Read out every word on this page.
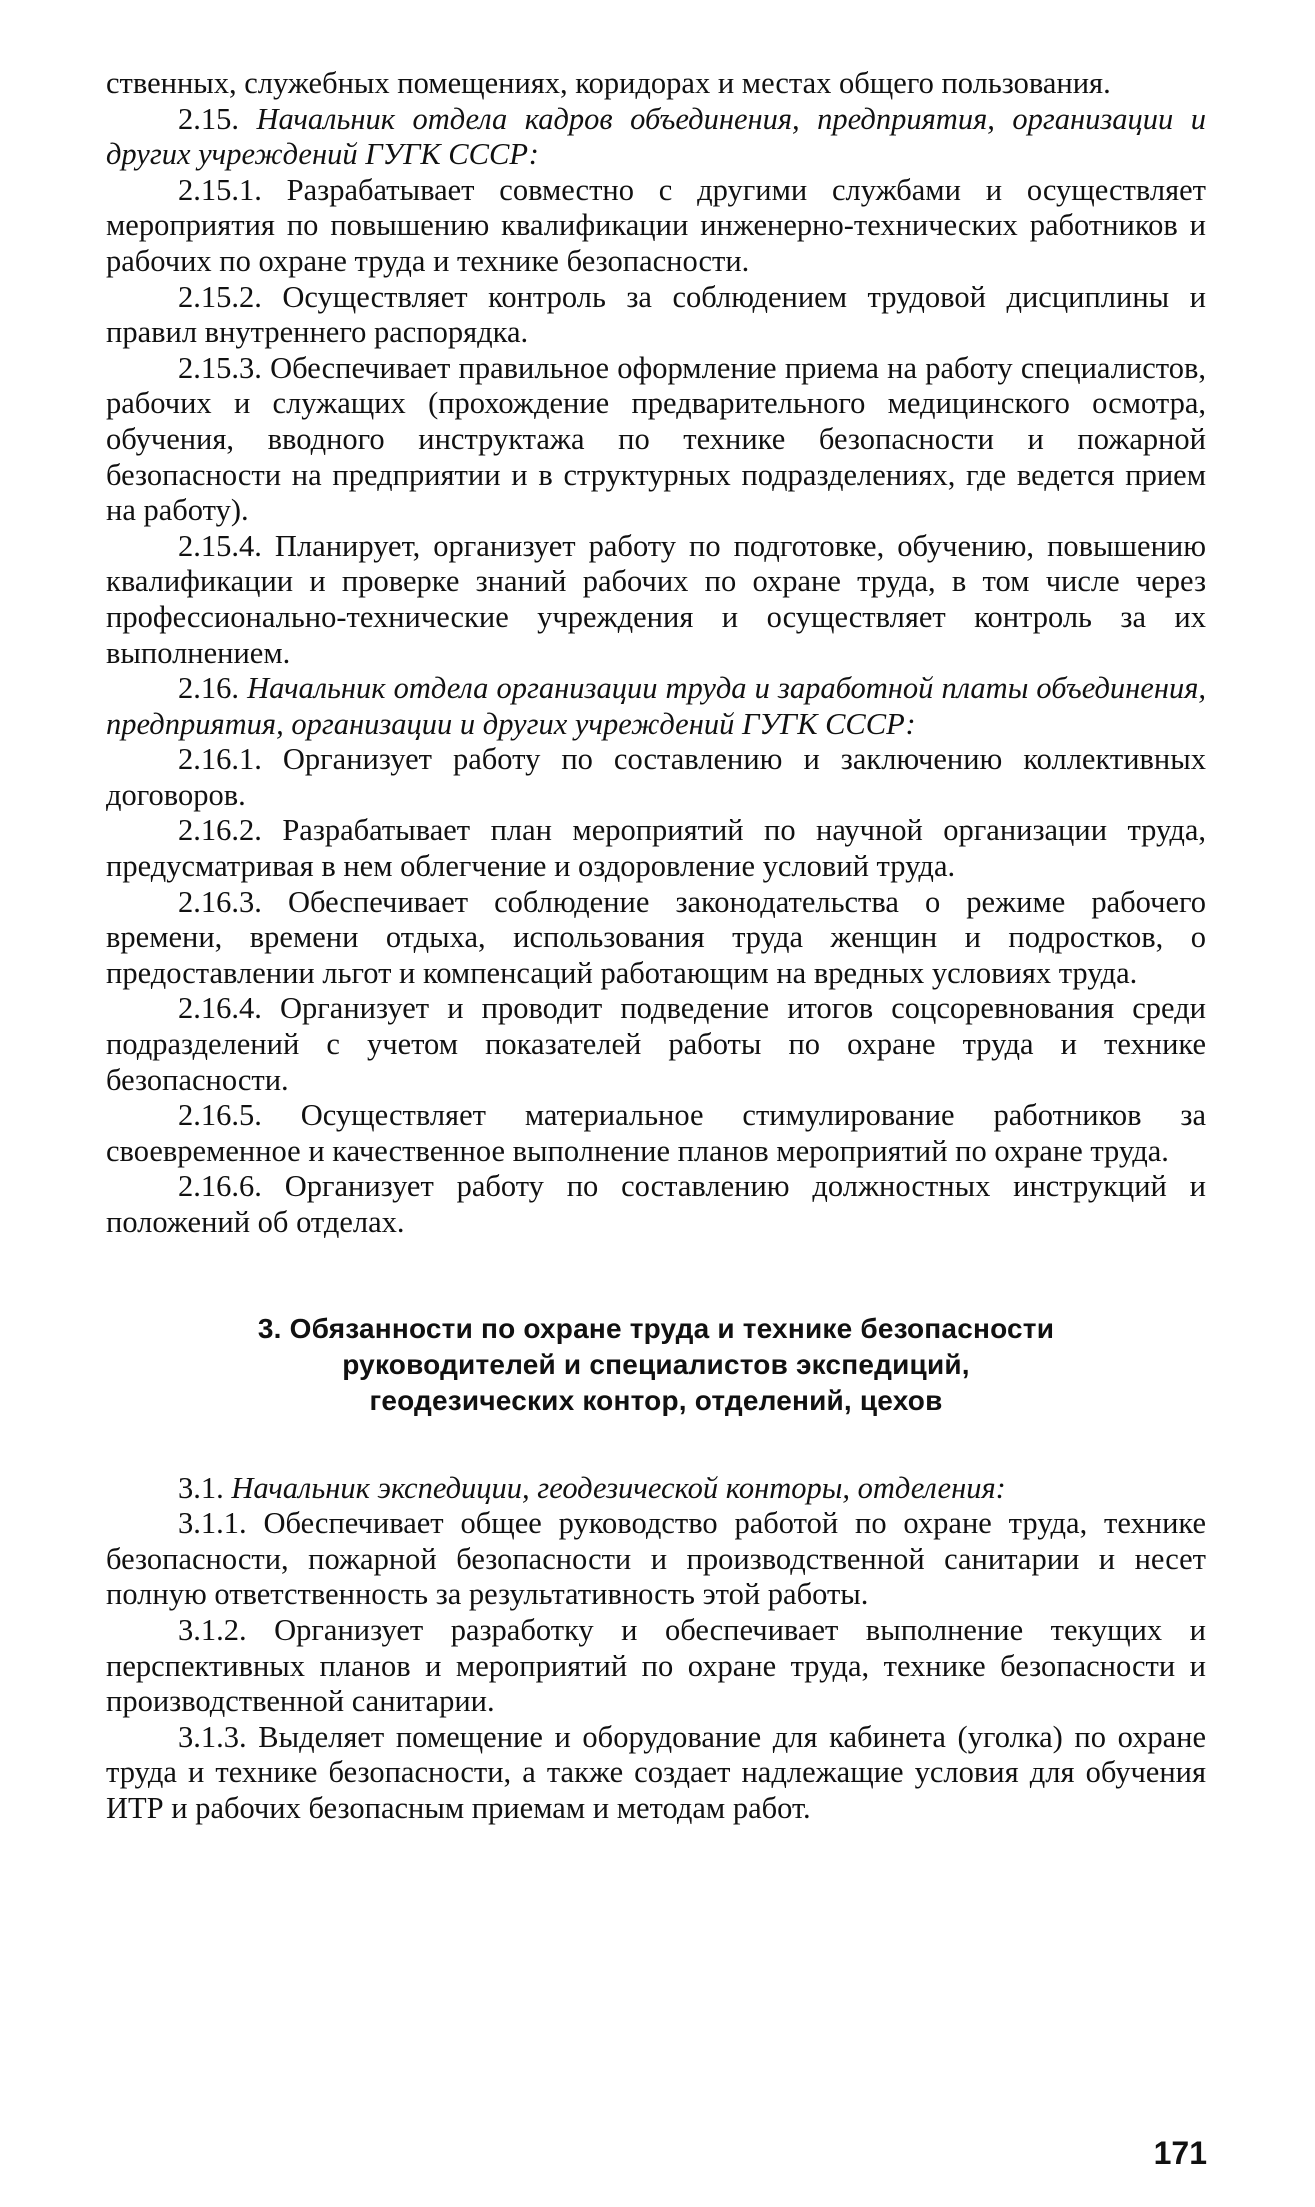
ственных, служебных помещениях, коридорах и местах общего пользования.

2.15. Начальник отдела кадров объединения, предприятия, организации и других учреждений ГУГК СССР:

2.15.1. Разрабатывает совместно с другими службами и осуществляет мероприятия по повышению квалификации инженерно-технических работников и рабочих по охране труда и технике безопасности.

2.15.2. Осуществляет контроль за соблюдением трудовой дисциплины и правил внутреннего распорядка.

2.15.3. Обеспечивает правильное оформление приема на работу специалистов, рабочих и служащих (прохождение предварительного медицинского осмотра, обучения, вводного инструктажа по технике безопасности и пожарной безопасности на предприятии и в структурных подразделениях, где ведется прием на работу).

2.15.4. Планирует, организует работу по подготовке, обучению, повышению квалификации и проверке знаний рабочих по охране труда, в том числе через профессионально-технические учреждения и осуществляет контроль за их выполнением.

2.16. Начальник отдела организации труда и заработной платы объединения, предприятия, организации и других учреждений ГУГК СССР:

2.16.1. Организует работу по составлению и заключению коллективных договоров.

2.16.2. Разрабатывает план мероприятий по научной организации труда, предусматривая в нем облегчение и оздоровление условий труда.

2.16.3. Обеспечивает соблюдение законодательства о режиме рабочего времени, времени отдыха, использования труда женщин и подростков, о предоставлении льгот и компенсаций работающим на вредных условиях труда.

2.16.4. Организует и проводит подведение итогов соцсоревнования среди подразделений с учетом показателей работы по охране труда и технике безопасности.

2.16.5. Осуществляет материальное стимулирование работников за своевременное и качественное выполнение планов мероприятий по охране труда.

2.16.6. Организует работу по составлению должностных инструкций и положений об отделах.

3. Обязанности по охране труда и технике безопасности
руководителей и специалистов экспедиций,
геодезических контор, отделений, цехов

3.1. Начальник экспедиции, геодезической конторы, отделения:

3.1.1. Обеспечивает общее руководство работой по охране труда, технике безопасности, пожарной безопасности и производственной санитарии и несет полную ответственность за результативность этой работы.

3.1.2. Организует разработку и обеспечивает выполнение текущих и перспективных планов и мероприятий по охране труда, технике безопасности и производственной санитарии.

3.1.3. Выделяет помещение и оборудование для кабинета (уголка) по охране труда и технике безопасности, а также создает надлежащие условия для обучения ИТР и рабочих безопасным приемам и методам работ.

171
